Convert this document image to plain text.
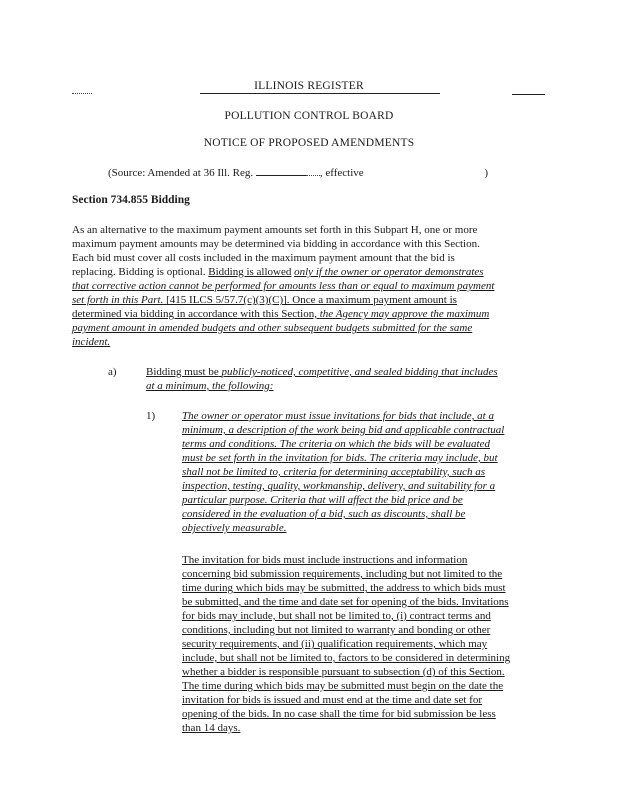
ILLINOIS REGISTER
POLLUTION CONTROL BOARD
NOTICE OF PROPOSED AMENDMENTS
(Source: Amended at 36 Ill. Reg.	, effective	)
Section 734.855 Bidding
As an alternative to the maximum payment amounts set forth in this Subpart H, one or more
maximum payment amounts may be determined via bidding in accordance with this Section.
Each bid must cover all costs included in the maximum payment amount that the bid is
replacing. Bidding is optional. Bidding is allowed only if the owner or operator demonstrates
that corrective action cannot be performed for amounts less than or equal to maximum payment
set forth in this Part. [415 ILCS 5/57.7(c)(3)(C)]. Once a maximum payment amount is
determined via bidding in accordance with this Section, the Agency may approve the maximum
payment amount in amended budgets and other subsequent budgets submitted for the same
incident.
a)	Bidding must be publicly-noticed, competitive, and sealed bidding that includes
at a minimum, the following:
1) The owner or operator must issue invitations for bids that include, at a
minimum, a description of the work being bid and applicable contractual
terms and conditions. The criteria on which the bids will be evaluated
must be set forth in the invitation for bids. The criteria may include, but
shall not be limited to, criteria for determining acceptability, such as
inspection, testing, quality, workmanship, delivery, and suitability for a
particular purpose. Criteria that will affect the bid price and be
considered in the evaluation of a bid, such as discounts, shall be
objectively measurable.
The invitation for bids must include instructions and information
concerning bid submission requirements, including but not limited to the
time during which bids may be submitted, the address to which bids must
be submitted, and the time and date set for opening of the bids. Invitations
for bids may include, but shall not be limited to, (i) contract terms and
conditions, including but not limited to warranty and bonding or other
security requirements, and (ii) qualification requirements, which may
include, but shall not be limited to, factors to be considered in determining
whether a bidder is responsible pursuant to subsection (d) of this Section.
The time during which bids may be submitted must begin on the date the
invitation for bids is issued and must end at the time and date set for
opening of the bids. In no case shall the time for bid submission be less
than 14 days.
